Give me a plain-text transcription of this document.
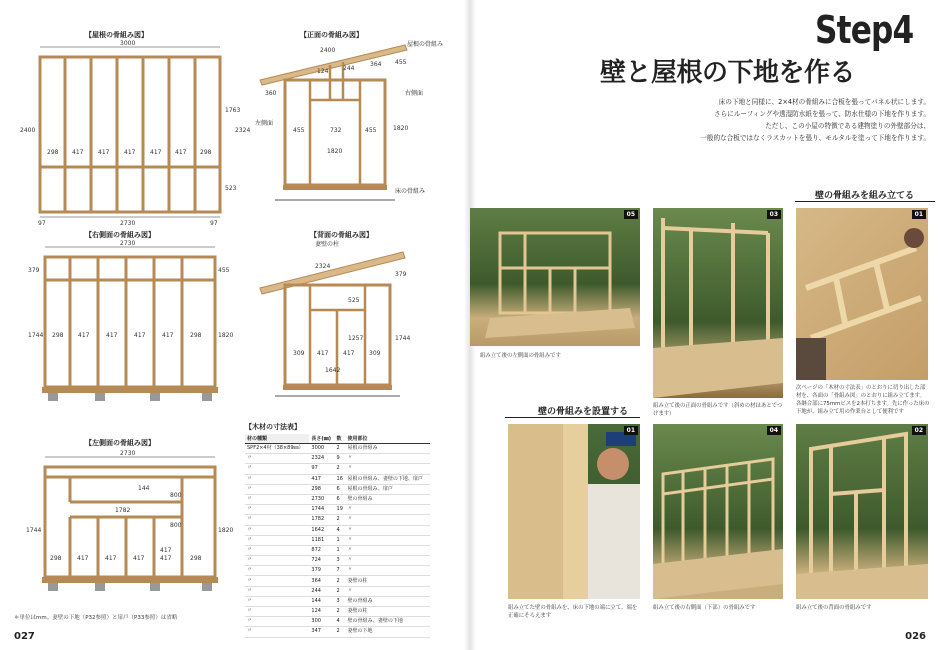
【屋根の骨組み図】
3000
2400
1763
2324
523
298 417 417 417 417 417 298
2730
97	97
【正面の骨組み図】
2400
屋根の骨組み
124 244
364 455
360	右側面
左側面
1820
455	732	455
1820
床の骨組み
【右側面の骨組み図】
2730
379	455
1744	1820
298 417	417	417	417	298
【背面の骨組み図】
妻壁の柱
2324
379
525
1257	1744
309 417 417 309
1642
【左側面の骨組み図】
2730
144
800
1782
800
417
1744	1820
298	417	417	417	417	298
【木材の寸法表】
材の種類	長さ(㎜)	数	使用部位
SPF2×4材（38×89㎜）	3000	2	屋根の骨組み
〃	2324	9	〃
〃	97	2	〃
〃	417	16	屋根の骨組み、妻壁の下地、扉戸
〃	298	6	屋根の骨組み、扉戸
〃	2730	6	壁の骨組み
〃	1744	19	〃
〃	1782	2	〃
〃	1642	4	〃
〃	1181	1	〃
〃	872	1	〃
〃	724	3	〃
〃	379	7	〃
〃	364	2	妻壁の柱
〃	244	2	〃
〃	144	3	壁の骨組み
〃	124	2	妻壁の柱
〃	300	4	壁の骨組み、妻壁の下地
〃	347	2	妻壁の下地
＊単位はmm。妻壁の下地（P32参照）と扉戸（P33参照）は省略
027
Step4
壁と屋根の下地を作る
床の下地と同様に、2×4材の骨組みに合板を張ってパネル状にします。
さらにルーフィングや透湿防水紙を張って、防水仕様の下地を作ります。
ただし、この小屋の特徴である建物塗りの外壁部分は、
一般的な合板ではなくラスカットを張り、モルタルを塗って下地を作ります。
壁の骨組みを組み立てる
05
組み立て後の左側面の骨組みです
03
組み立て後の正面の骨組みです（斜めの材はあとでつけます）
01
次ページの「木材の寸法表」のとおりに切り出した部材を、各面の「骨組み図」のとおりに組み立てます。各継合部に75mmビスを2本打ちます。先に作った床の下地が、組み立て用の作業台として便利です
壁の骨組みを設置する
01
組み立てた壁の骨組みを、床の下地の端に立て、端を正確にそろえます
04
組み立て後の右側面（下部）の骨組みです
02
組み立て後の背面の骨組みです
026
